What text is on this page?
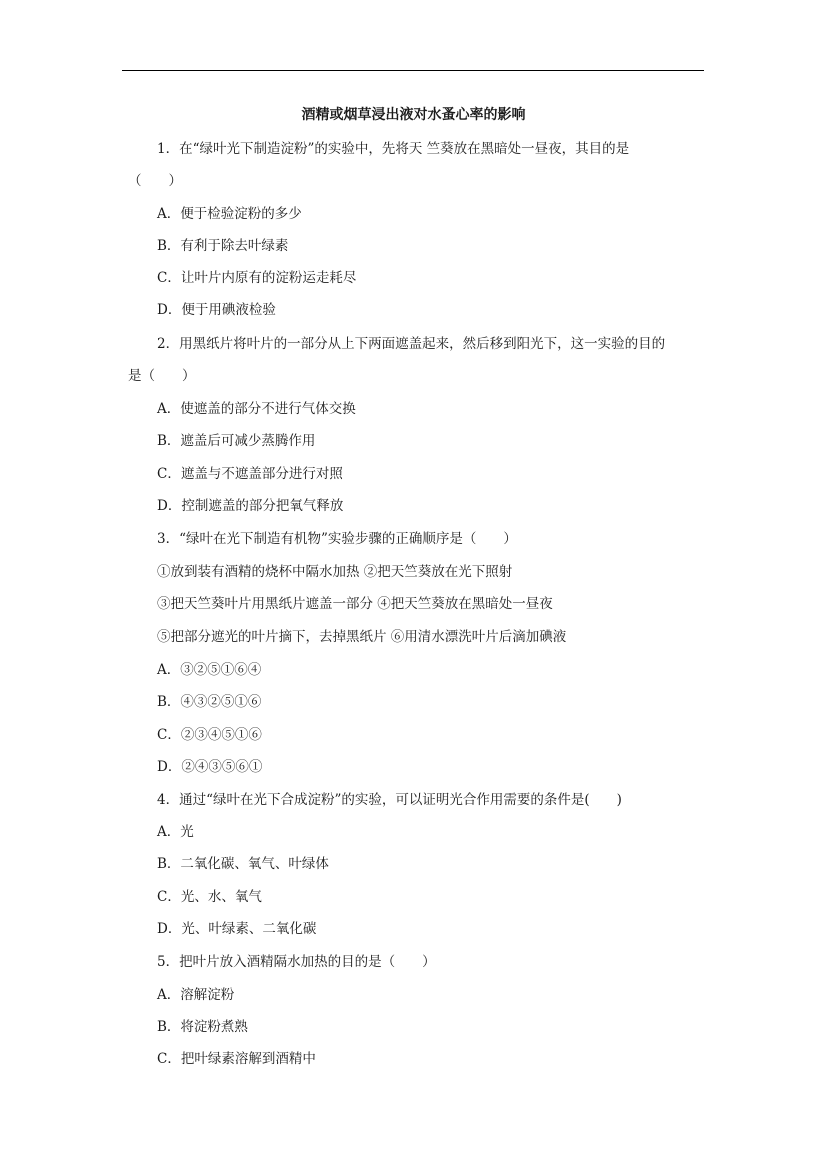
酒精或烟草浸出液对水蚤心率的影响
1．在“绿叶光下制造淀粉”的实验中，先将天 竺葵放在黑暗处一昼夜，其目的是
（　　）
A．便于检验淀粉的多少
B．有利于除去叶绿素
C．让叶片内原有的淀粉运走耗尽
D．便于用碘液检验
2．用黑纸片将叶片的一部分从上下两面遮盖起来，然后移到阳光下，这一实验的目的
是（　　）
A．使遮盖的部分不进行气体交换
B．遮盖后可减少蒸腾作用
C．遮盖与不遮盖部分进行对照
D．控制遮盖的部分把氧气释放
3．“绿叶在光下制造有机物”实验步骤的正确顺序是（　　）
①放到装有酒精的烧杯中隔水加热 ②把天竺葵放在光下照射
③把天竺葵叶片用黑纸片遮盖一部分 ④把天竺葵放在黑暗处一昼夜
⑤把部分遮光的叶片摘下，去掉黑纸片 ⑥用清水漂洗叶片后滴加碘液
A．③②⑤①⑥④
B．④③②⑤①⑥
C．②③④⑤①⑥
D．②④③⑤⑥①
4．通过“绿叶在光下合成淀粉”的实验，可以证明光合作用需要的条件是(　　)
A．光
B．二氧化碳、氧气、叶绿体
C．光、水、氧气
D．光、叶绿素、二氧化碳
5．把叶片放入酒精隔水加热的目的是（　　）
A．溶解淀粉
B．将淀粉煮熟
C．把叶绿素溶解到酒精中
